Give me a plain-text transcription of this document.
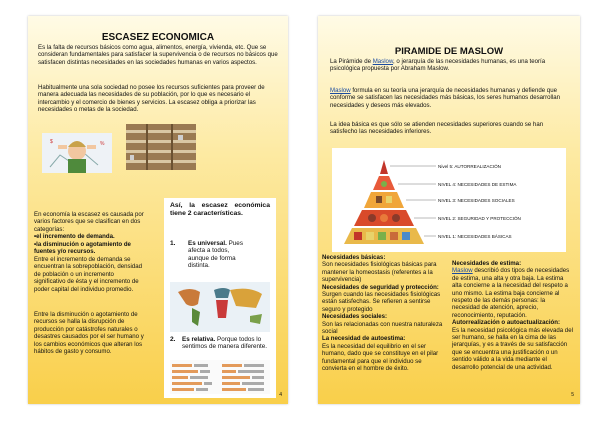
ESCASEZ ECONOMICA
Es la falta de recursos básicos como agua, alimentos, energía, vivienda, etc. Que se consideran fundamentales para satisfacer la supervivencia o de recursos no básicos que satisfacen distintas necesidades en las sociedades humanas en varios aspectos.
Habitualmente una sola sociedad no posee los recursos suficientes para proveer de manera adecuada las necesidades de su población, por lo que es necesario el intercambio y el comercio de bienes y servicios. La escasez obliga a priorizar las necesidades o metas de la sociedad.
$	%
En economía la escasez es causada por varios factores que se clasifican en dos categorías:
•el incremento de demanda.
•la disminución o agotamiento de fuentes y/o recursos.
Entre el incremento de demanda se encuentran la sobrepoblación, densidad de población o un incremento significativo de ésta y el incremento de poder capital del individuo promedio.
Entre la disminución o agotamiento de recursos se halla la disrupción de producción por catástrofes naturales o desastres causados por el ser humano y los cambios económicos que alteran los hábitos de gasto y consumo.
Así, la escasez económica tiene 2 características.
1. Es universal. Pues afecta a todos, aunque de forma distinta.
2. Es relativa. Porque todos lo sentimos de manera diferente.
4
PIRAMIDE DE MASLOW
La Pirámide de Maslow, o jerarquía de las necesidades humanas, es una teoría psicológica propuesta por Abraham Maslow.
Maslow formula en su teoría una jerarquía de necesidades humanas y defiende que conforme se satisfacen las necesidades más básicas, los seres humanos desarrollan necesidades y deseos más elevados.
La idea básica es que sólo se atienden necesidades superiores cuando se han satisfecho las necesidades inferiores.
Nivel 5: AUTORREALIZACIÓN
NIVEL 4: NECESIDADES DE ESTIMA
NIVEL 3: NECESIDADES SOCIALES
NIVEL 2: SEGURIDAD Y PROTECCIÓN
NIVEL 1: NECESIDADES BÁSICAS
Necesidades básicas:
Son necesidades fisiológicas básicas para mantener la homeostasis (referentes a la supervivencia)
Necesidades de seguridad y protección:
Surgen cuando las necesidades fisiológicas están satisfechas. Se refieren a sentirse seguro y protegido
Necesidades sociales:
Son las relacionadas con nuestra naturaleza social
La necesidad de autoestima:
Es la necesidad del equilibrio en el ser humano, dado que se constituye en el pilar fundamental para que el individuo se convierta en el hombre de éxito.
Necesidades de estima:
Maslow describió dos tipos de necesidades de estima, una alta y otra baja. La estima alta concierne a la necesidad del respeto a uno mismo. La estima baja concierne al respeto de las demás personas: la necesidad de atención, aprecio, reconocimiento, reputación.
Autorrealización o autoactualización:
Es la necesidad psicológica más elevada del ser humano, se halla en la cima de las jerarquías, y es a través de su satisfacción que se encuentra una justificación o un sentido válido a la vida mediante el desarrollo potencial de una actividad.
5
